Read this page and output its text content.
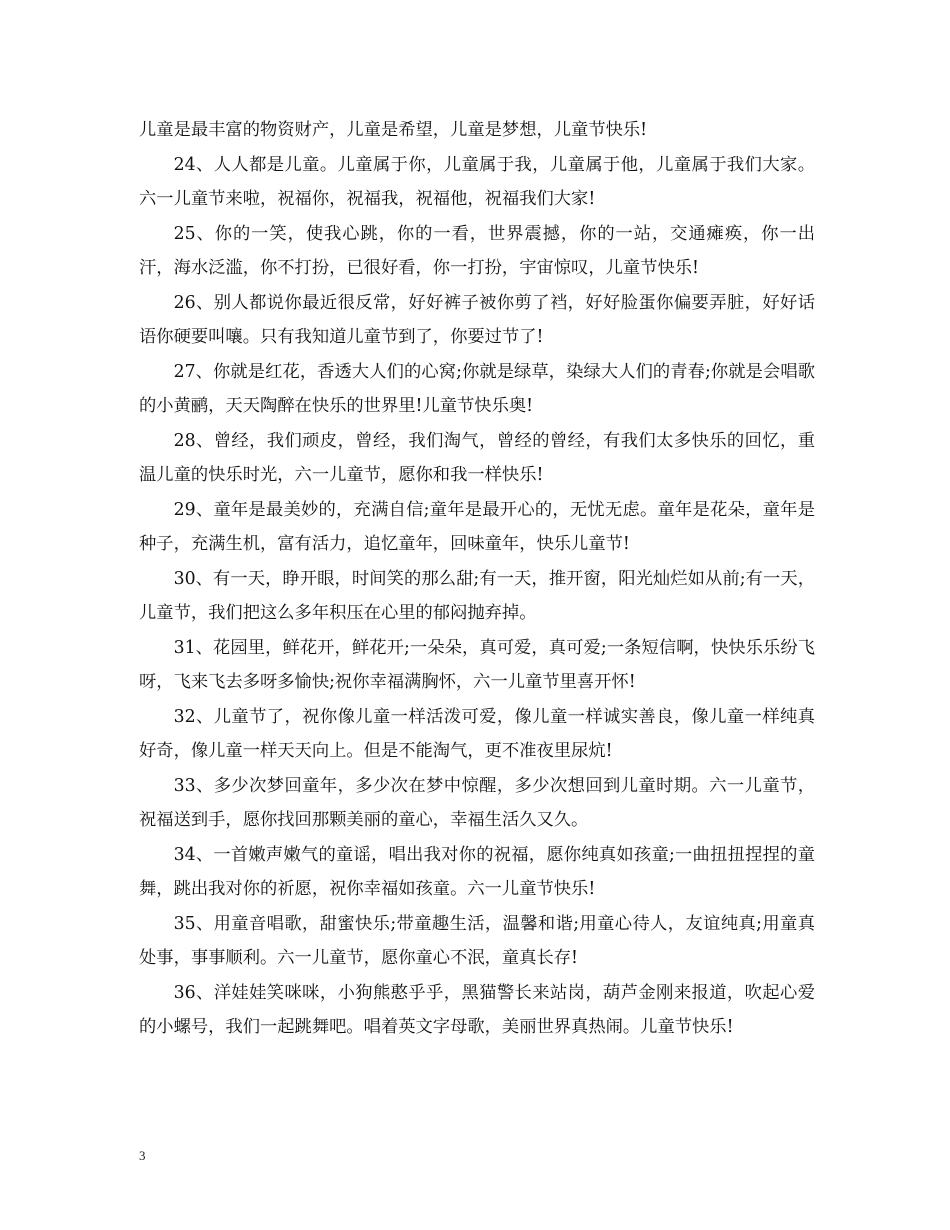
儿童是最丰富的物资财产，儿童是希望，儿童是梦想，儿童节快乐!

24、人人都是儿童。儿童属于你，儿童属于我，儿童属于他，儿童属于我们大家。六一儿童节来啦，祝福你，祝福我，祝福他，祝福我们大家!

25、你的一笑，使我心跳，你的一看，世界震撼，你的一站，交通瘫痪，你一出汗，海水泛滥，你不打扮，已很好看，你一打扮，宇宙惊叹，儿童节快乐!

26、别人都说你最近很反常，好好裤子被你剪了裆，好好脸蛋你偏要弄脏，好好话语你硬要叫嚷。只有我知道儿童节到了，你要过节了!

27、你就是红花，香透大人们的心窝;你就是绿草，染绿大人们的青春;你就是会唱歌的小黄鹂，天天陶醉在快乐的世界里!儿童节快乐奥!

28、曾经，我们顽皮，曾经，我们淘气，曾经的曾经，有我们太多快乐的回忆，重温儿童的快乐时光，六一儿童节，愿你和我一样快乐!

29、童年是最美妙的，充满自信;童年是最开心的，无忧无虑。童年是花朵，童年是种子，充满生机，富有活力，追忆童年，回味童年，快乐儿童节!

30、有一天，睁开眼，时间笑的那么甜;有一天，推开窗，阳光灿烂如从前;有一天，儿童节，我们把这么多年积压在心里的郁闷抛弃掉。

31、花园里，鲜花开，鲜花开;一朵朵，真可爱，真可爱;一条短信啊，快快乐乐纷飞呀，飞来飞去多呀多愉快;祝你幸福满胸怀，六一儿童节里喜开怀!

32、儿童节了，祝你像儿童一样活泼可爱，像儿童一样诚实善良，像儿童一样纯真好奇，像儿童一样天天向上。但是不能淘气，更不准夜里尿炕!

33、多少次梦回童年，多少次在梦中惊醒，多少次想回到儿童时期。六一儿童节，祝福送到手，愿你找回那颗美丽的童心，幸福生活久又久。

34、一首嫩声嫩气的童谣，唱出我对你的祝福，愿你纯真如孩童;一曲扭扭捏捏的童舞，跳出我对你的祈愿，祝你幸福如孩童。六一儿童节快乐!

35、用童音唱歌，甜蜜快乐;带童趣生活，温馨和谐;用童心待人，友谊纯真;用童真处事，事事顺利。六一儿童节，愿你童心不泯，童真长存!

36、洋娃娃笑咪咪，小狗熊憨乎乎，黑猫警长来站岗，葫芦金刚来报道，吹起心爱的小螺号，我们一起跳舞吧。唱着英文字母歌，美丽世界真热闹。儿童节快乐!

3
